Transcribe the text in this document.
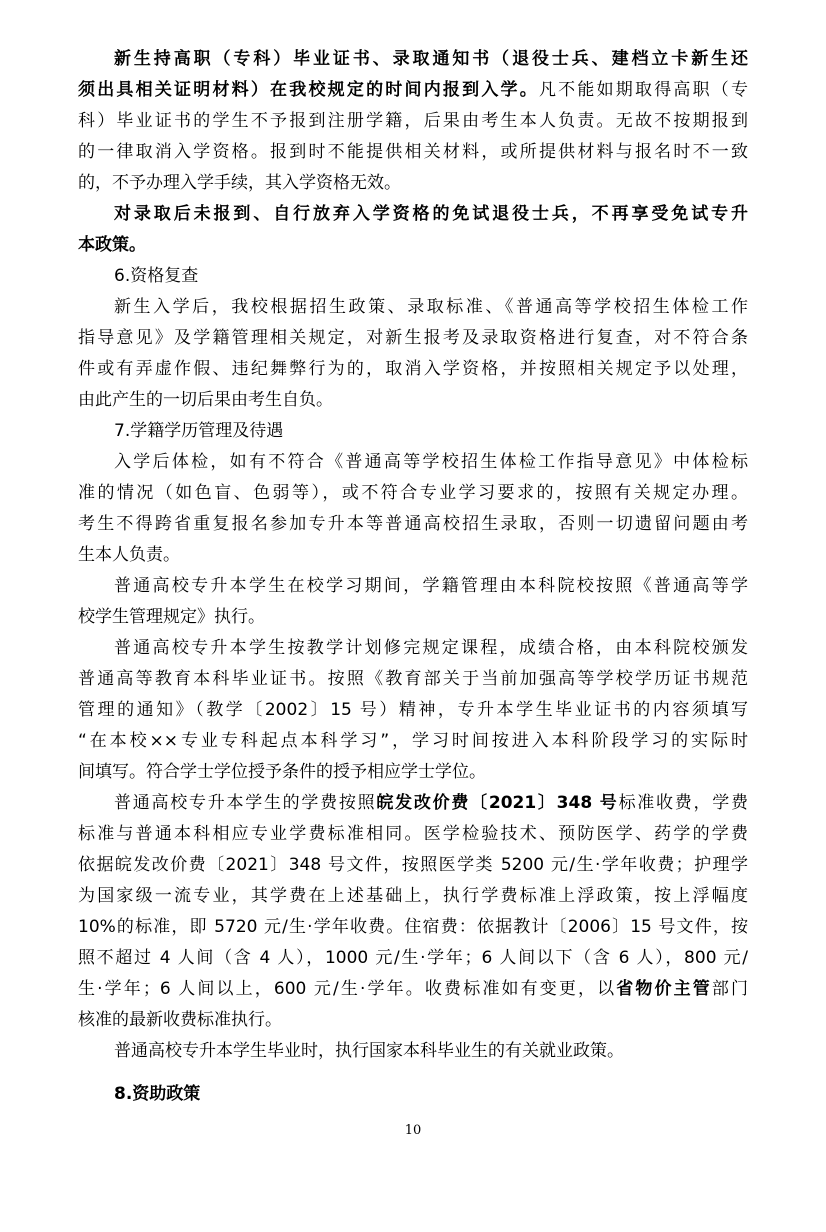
新生持高职（专科）毕业证书、录取通知书（退役士兵、建档立卡新生还
须出具相关证明材料）在我校规定的时间内报到入学。凡不能如期取得高职（专
科）毕业证书的学生不予报到注册学籍，后果由考生本人负责。无故不按期报到
的一律取消入学资格。报到时不能提供相关材料，或所提供材料与报名时不一致
的，不予办理入学手续，其入学资格无效。
对录取后未报到、自行放弃入学资格的免试退役士兵，不再享受免试专升
本政策。
6.资格复查
新生入学后，我校根据招生政策、录取标准、《普通高等学校招生体检工作
指导意见》及学籍管理相关规定，对新生报考及录取资格进行复查，对不符合条
件或有弄虚作假、违纪舞弊行为的，取消入学资格，并按照相关规定予以处理，
由此产生的一切后果由考生自负。
7.学籍学历管理及待遇
入学后体检，如有不符合《普通高等学校招生体检工作指导意见》中体检标
准的情况（如色盲、色弱等），或不符合专业学习要求的，按照有关规定办理。
考生不得跨省重复报名参加专升本等普通高校招生录取，否则一切遗留问题由考
生本人负责。
普通高校专升本学生在校学习期间，学籍管理由本科院校按照《普通高等学
校学生管理规定》执行。
普通高校专升本学生按教学计划修完规定课程，成绩合格，由本科院校颁发
普通高等教育本科毕业证书。按照《教育部关于当前加强高等学校学历证书规范
管理的通知》（教学〔2002〕15 号）精神，专升本学生毕业证书的内容须填写
“在本校××专业专科起点本科学习”，学习时间按进入本科阶段学习的实际时
间填写。符合学士学位授予条件的授予相应学士学位。
普通高校专升本学生的学费按照皖发改价费〔2021〕348 号标准收费，学费
标准与普通本科相应专业学费标准相同。医学检验技术、预防医学、药学的学费
依据皖发改价费〔2021〕348 号文件，按照医学类 5200 元/生·学年收费；护理学
为国家级一流专业，其学费在上述基础上，执行学费标准上浮政策，按上浮幅度
10%的标准，即 5720 元/生·学年收费。住宿费：依据教计〔2006〕15 号文件，按
照不超过 4 人间（含 4 人），1000 元/生·学年；6 人间以下（含 6 人），800 元/
生·学年；6 人间以上，600 元/生·学年。收费标准如有变更，以省物价主管部门
核准的最新收费标准执行。
普通高校专升本学生毕业时，执行国家本科毕业生的有关就业政策。
8.资助政策
10
